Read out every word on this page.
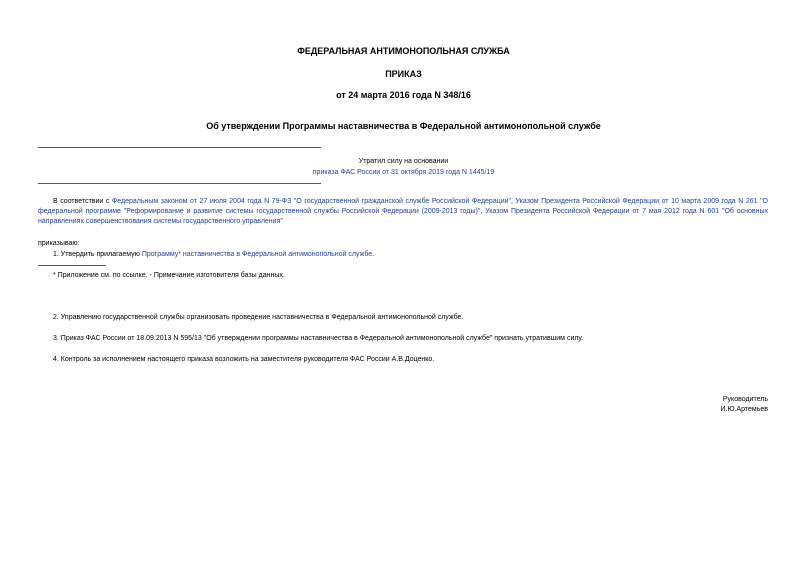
ФЕДЕРАЛЬНАЯ АНТИМОНОПОЛЬНАЯ СЛУЖБА
ПРИКАЗ
от 24 марта 2016 года N 348/16
Об утверждении Программы наставничества в Федеральной антимонопольной службе
Утратил силу на основании
приказа ФАС России от 31 октября 2019 года N 1445/19
В соответствии с Федеральным законом от 27 июля 2004 года N 79-ФЗ "О государственной гражданской службе Российской Федерации", Указом Президента Российской Федерации от 10 марта 2009 года N 261 "О федеральной программе "Реформирование и развитие системы государственной службы Российской Федерации (2009-2013 годы)", Указом Президента Российской Федерации от 7 мая 2012 года N 601 "Об основных направлениях совершенствования системы государственного управления"
приказываю:
1. Утвердить прилагаемую Программу* наставничества в Федеральной антимонопольной службе.
* Приложение см. по ссылке. - Примечание изготовителя базы данных.
2. Управлению государственной службы организовать проведение наставничества в Федеральной антимонопольной службе.
3. Приказ ФАС России от 18.09.2013 N 595/13 "Об утверждении программы наставничества в Федеральной антимонопольной службе" признать утратившим силу.
4. Контроль за исполнением настоящего приказа возложить на заместителя руководителя ФАС России А.В.Доценко.
Руководитель
И.Ю.Артемьев
